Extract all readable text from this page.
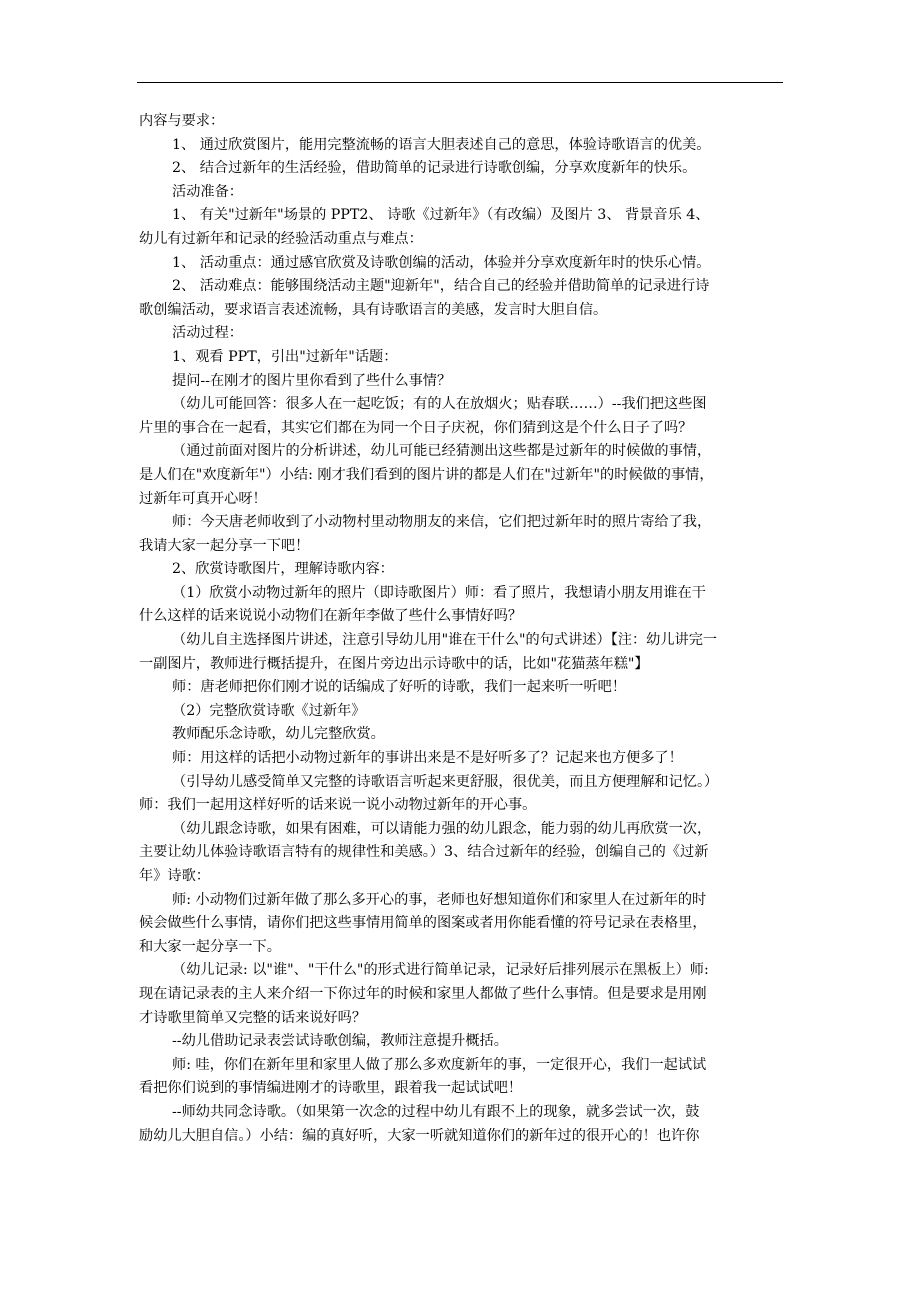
内容与要求：
1、 通过欣赏图片，能用完整流畅的语言大胆表述自己的意思，体验诗歌语言的优美。
2、 结合过新年的生活经验，借助简单的记录进行诗歌创编，分享欢度新年的快乐。
活动准备：
1、 有关"过新年"场景的 PPT2、 诗歌《过新年》（有改编）及图片 3、 背景音乐 4、
幼儿有过新年和记录的经验活动重点与难点：
1、 活动重点：通过感官欣赏及诗歌创编的活动，体验并分享欢度新年时的快乐心情。
2、 活动难点：能够围绕活动主题"迎新年"，结合自己的经验并借助简单的记录进行诗
歌创编活动，要求语言表述流畅，具有诗歌语言的美感，发言时大胆自信。
活动过程：
1、观看 PPT，引出"过新年"话题：
提问--在刚才的图片里你看到了些什么事情？
（幼儿可能回答：很多人在一起吃饭；有的人在放烟火；贴春联……）--我们把这些图
片里的事合在一起看，其实它们都在为同一个日子庆祝，你们猜到这是个什么日子了吗？
（通过前面对图片的分析讲述，幼儿可能已经猜测出这些都是过新年的时候做的事情，
是人们在"欢度新年"）小结: 刚才我们看到的图片讲的都是人们在"过新年"的时候做的事情，
过新年可真开心呀！
师：今天唐老师收到了小动物村里动物朋友的来信，它们把过新年时的照片寄给了我，
我请大家一起分享一下吧！
2、欣赏诗歌图片，理解诗歌内容：
（1）欣赏小动物过新年的照片（即诗歌图片）师：看了照片，我想请小朋友用谁在干
什么这样的话来说说小动物们在新年李做了些什么事情好吗？
（幼儿自主选择图片讲述，注意引导幼儿用"谁在干什么"的句式讲述）【注：幼儿讲完一
一副图片，教师进行概括提升，在图片旁边出示诗歌中的话，比如"花猫蒸年糕"】
师：唐老师把你们刚才说的话编成了好听的诗歌，我们一起来听一听吧！
（2）完整欣赏诗歌《过新年》
教师配乐念诗歌，幼儿完整欣赏。
师：用这样的话把小动物过新年的事讲出来是不是好听多了？记起来也方便多了！
（引导幼儿感受简单又完整的诗歌语言听起来更舒服，很优美，而且方便理解和记忆。）
师：我们一起用这样好听的话来说一说小动物过新年的开心事。
（幼儿跟念诗歌，如果有困难，可以请能力强的幼儿跟念，能力弱的幼儿再欣赏一次，
主要让幼儿体验诗歌语言特有的规律性和美感。）3、结合过新年的经验，创编自己的《过新
年》诗歌：
师: 小动物们过新年做了那么多开心的事，老师也好想知道你们和家里人在过新年的时
候会做些什么事情，请你们把这些事情用简单的图案或者用你能看懂的符号记录在表格里，
和大家一起分享一下。
（幼儿记录: 以"谁"、"干什么"的形式进行简单记录，记录好后排列展示在黑板上）师:
现在请记录表的主人来介绍一下你过年的时候和家里人都做了些什么事情。但是要求是用刚
才诗歌里简单又完整的话来说好吗？
--幼儿借助记录表尝试诗歌创编，教师注意提升概括。
师: 哇，你们在新年里和家里人做了那么多欢度新年的事，一定很开心，我们一起试试
看把你们说到的事情编进刚才的诗歌里，跟着我一起试试吧！
--师幼共同念诗歌。（如果第一次念的过程中幼儿有跟不上的现象，就多尝试一次，鼓
励幼儿大胆自信。）小结：编的真好听，大家一听就知道你们的新年过的很开心的！也许你
